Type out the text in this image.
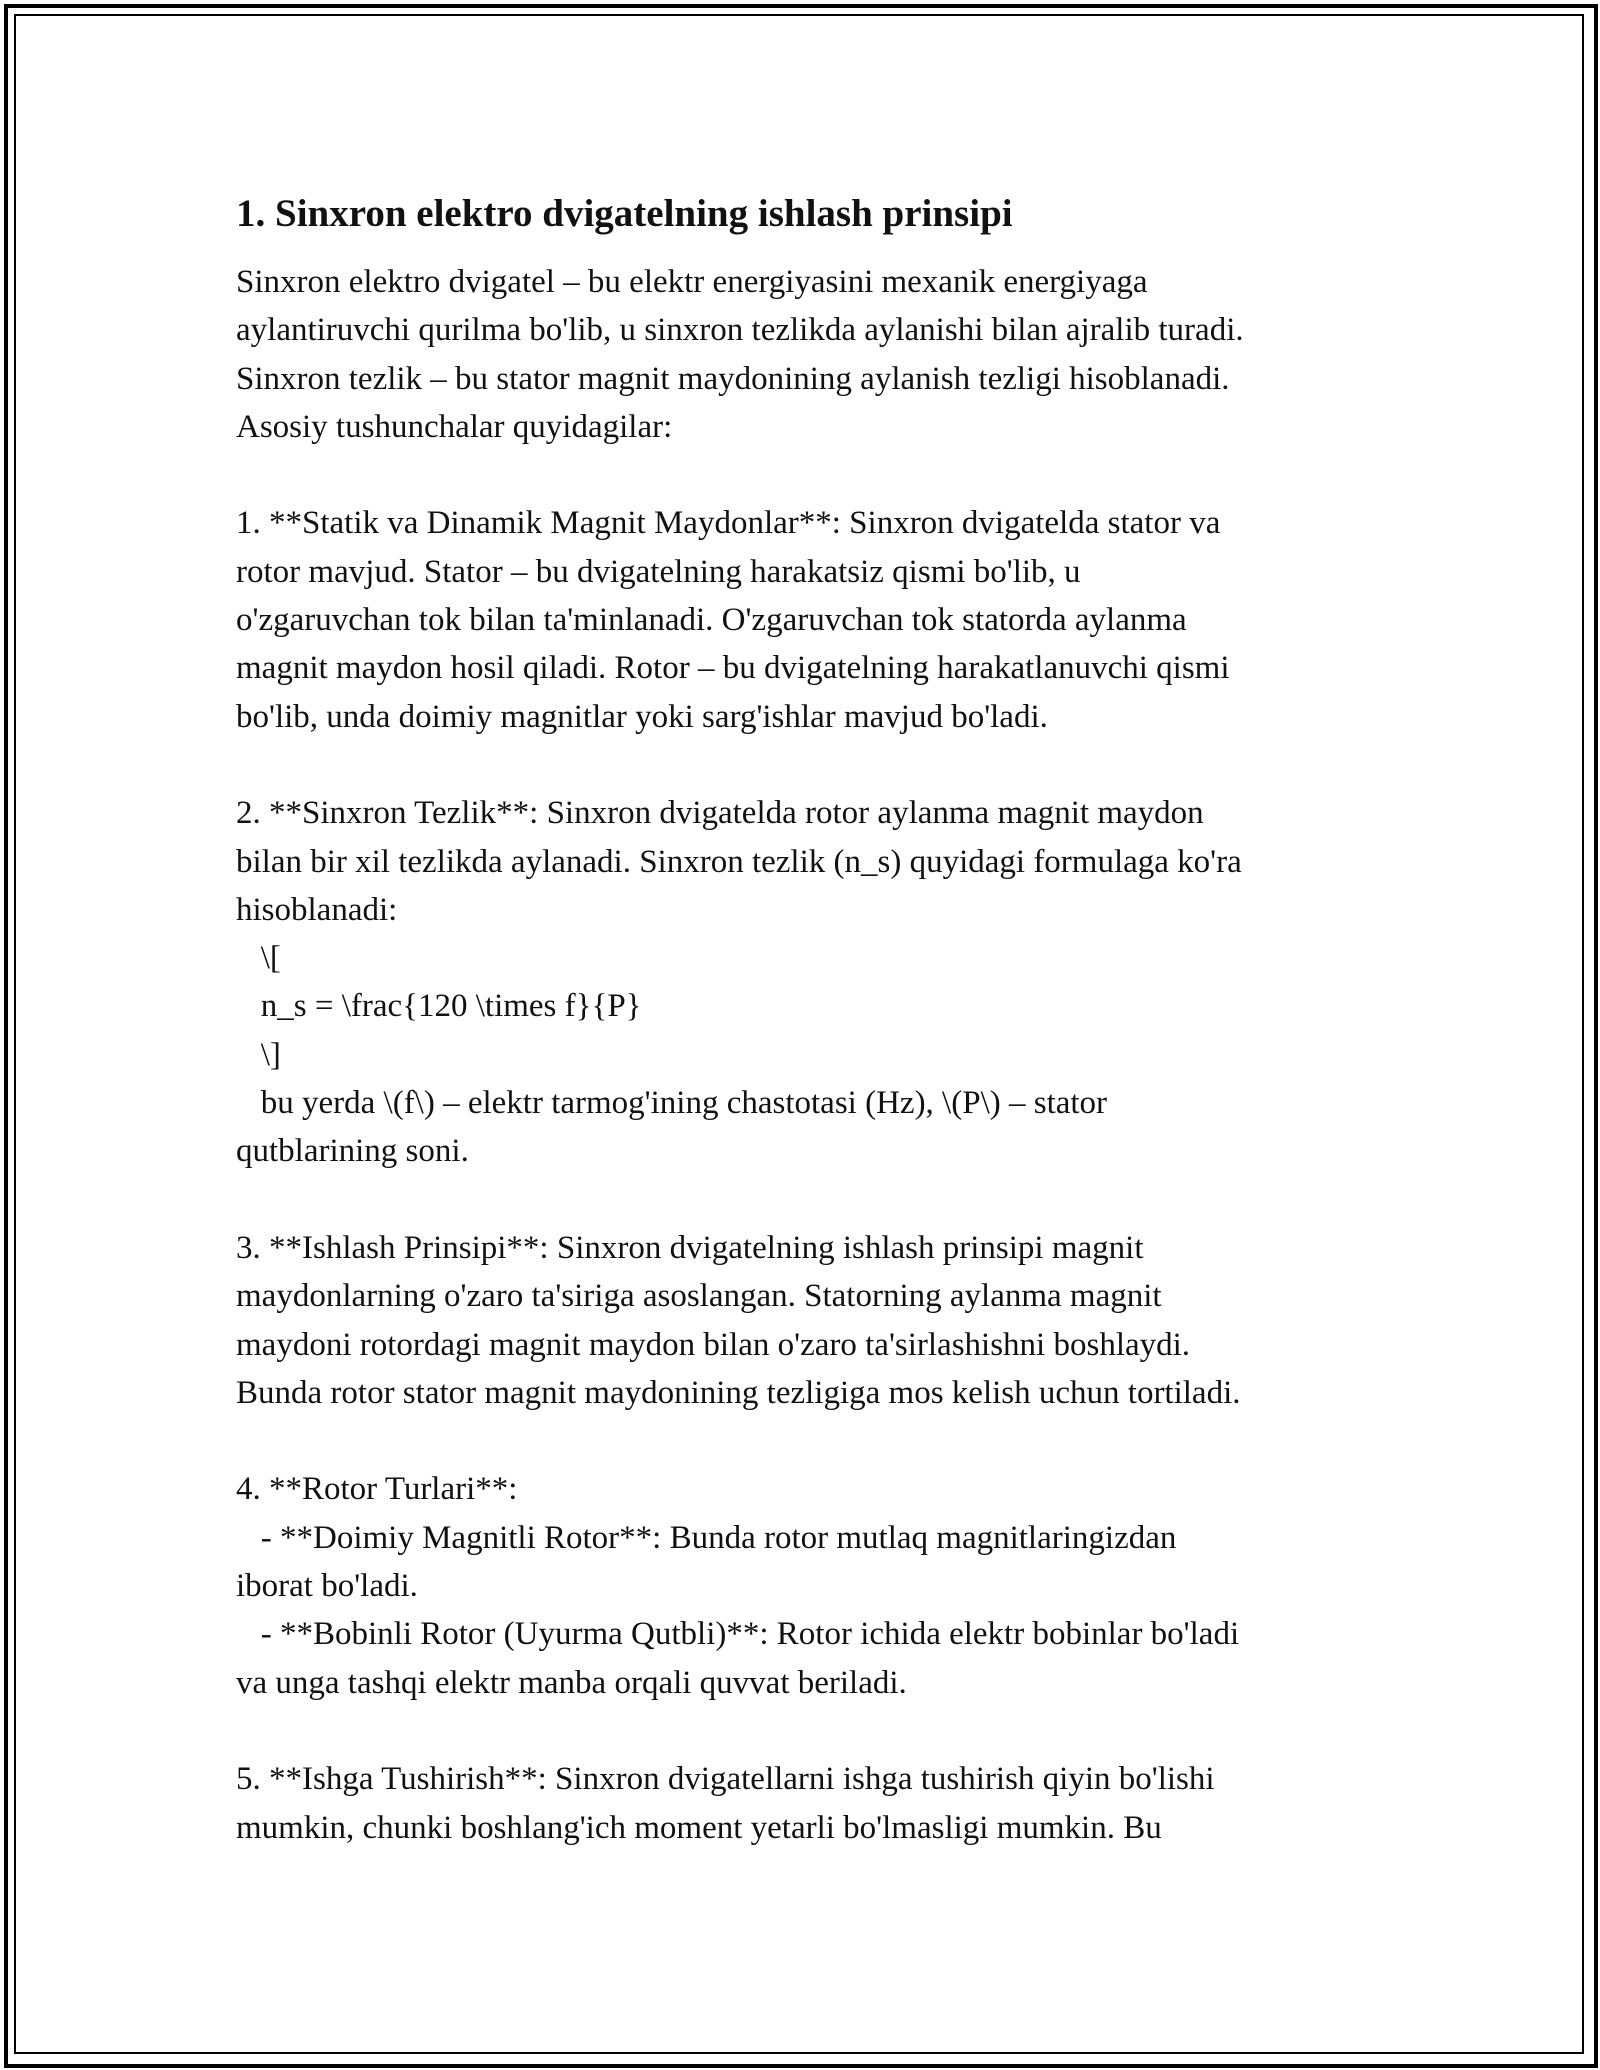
1. Sinxron elektro dvigatelning ishlash prinsipi
Sinxron elektro dvigatel – bu elektr energiyasini mexanik energiyaga
aylantiruvchi qurilma bo'lib, u sinxron tezlikda aylanishi bilan ajralib turadi.
Sinxron tezlik – bu stator magnit maydonining aylanish tezligi hisoblanadi.
Asosiy tushunchalar quyidagilar:

1. **Statik va Dinamik Magnit Maydonlar**: Sinxron dvigatelda stator va
rotor mavjud. Stator – bu dvigatelning harakatsiz qismi bo'lib, u
o'zgaruvchan tok bilan ta'minlanadi. O'zgaruvchan tok statorda aylanma
magnit maydon hosil qiladi. Rotor – bu dvigatelning harakatlanuvchi qismi
bo'lib, unda doimiy magnitlar yoki sarg'ishlar mavjud bo'ladi.

2. **Sinxron Tezlik**: Sinxron dvigatelda rotor aylanma magnit maydon
bilan bir xil tezlikda aylanadi. Sinxron tezlik (n_s) quyidagi formulaga ko'ra
hisoblanadi:
\[
n_s = \frac{120 \times f}{P}
\]
bu yerda \(f\) – elektr tarmog'ining chastotasi (Hz), \(P\) – stator
qutblarining soni.

3. **Ishlash Prinsipi**: Sinxron dvigatelning ishlash prinsipi magnit
maydonlarning o'zaro ta'siriga asoslangan. Statorning aylanma magnit
maydoni rotordagi magnit maydon bilan o'zaro ta'sirlashishni boshlaydi.
Bunda rotor stator magnit maydonining tezligiga mos kelish uchun tortiladi.

4. **Rotor Turlari**:
- **Doimiy Magnitli Rotor**: Bunda rotor mutlaq magnitlaringizdan
iborat bo'ladi.
- **Bobinli Rotor (Uyurma Qutbli)**: Rotor ichida elektr bobinlar bo'ladi
va unga tashqi elektr manba orqali quvvat beriladi.

5. **Ishga Tushirish**: Sinxron dvigatellarni ishga tushirish qiyin bo'lishi
mumkin, chunki boshlang'ich moment yetarli bo'lmasligi mumkin. Bu
